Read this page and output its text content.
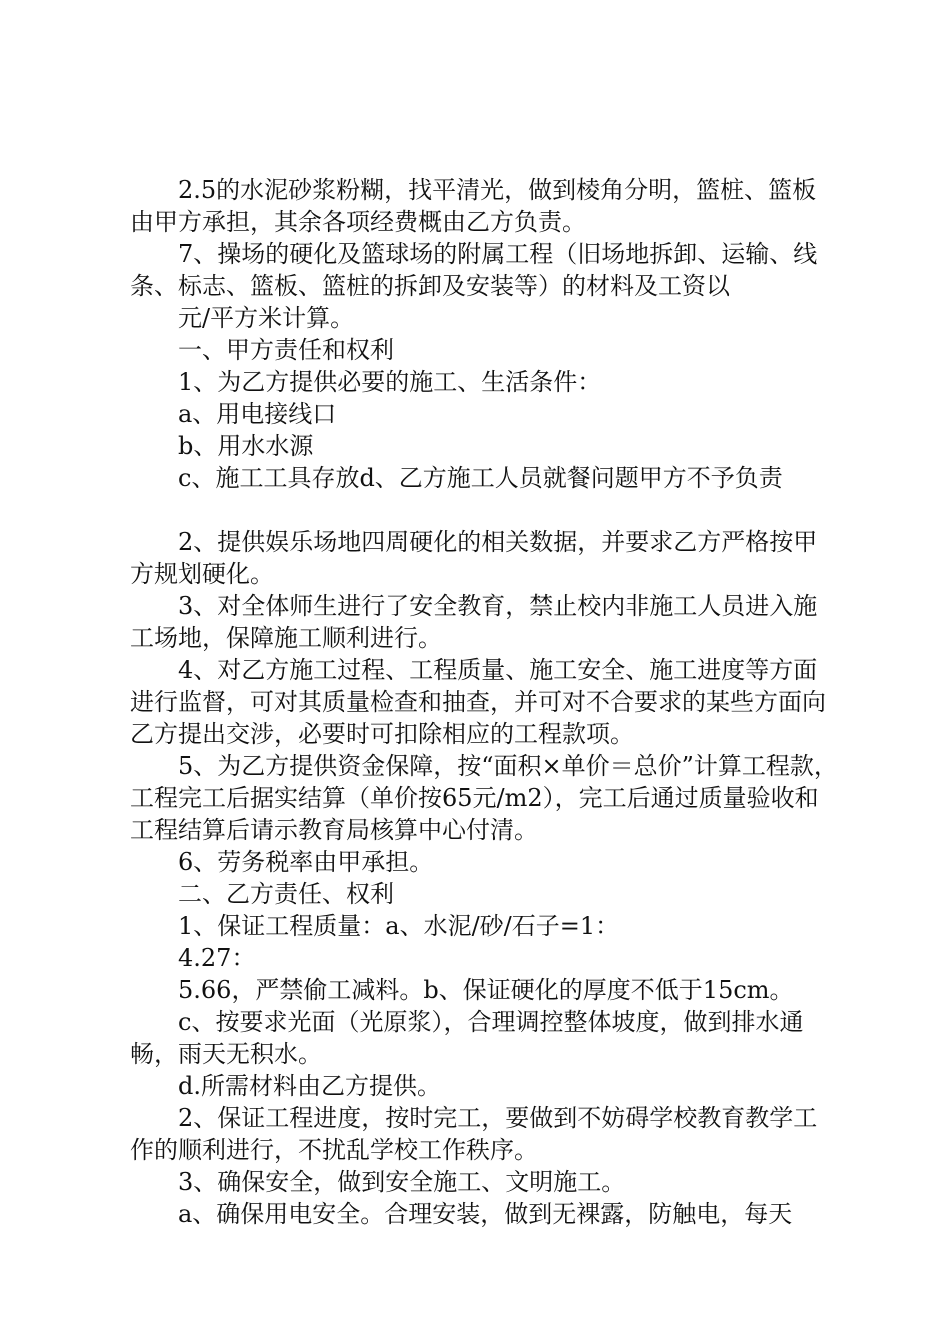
2.5的水泥砂浆粉糊，找平清光，做到棱角分明，篮桩、篮板由甲方承担，其余各项经费概由乙方负责。

7、操场的硬化及篮球场的附属工程（旧场地拆卸、运输、线条、标志、篮板、篮桩的拆卸及安装等）的材料及工资以

元/平方米计算。

一、甲方责任和权利

1、为乙方提供必要的施工、生活条件：

a、用电接线口

b、用水水源

c、施工工具存放d、乙方施工人员就餐问题甲方不予负责

2、提供娱乐场地四周硬化的相关数据，并要求乙方严格按甲方规划硬化。

3、对全体师生进行了安全教育，禁止校内非施工人员进入施工场地，保障施工顺利进行。

4、对乙方施工过程、工程质量、施工安全、施工进度等方面进行监督，可对其质量检查和抽查，并可对不合要求的某些方面向乙方提出交涉，必要时可扣除相应的工程款项。

5、为乙方提供资金保障，按“面积×单价＝总价”计算工程款，工程完工后据实结算（单价按65元/m2），完工后通过质量验收和工程结算后请示教育局核算中心付清。

6、劳务税率由甲承担。

二、乙方责任、权利

1、保证工程质量：a、水泥/砂/石子=1：

4.27：

5.66，严禁偷工减料。b、保证硬化的厚度不低于15cm。

c、按要求光面（光原浆），合理调控整体坡度，做到排水通畅，雨天无积水。

d.所需材料由乙方提供。

2、保证工程进度，按时完工，要做到不妨碍学校教育教学工作的顺利进行，不扰乱学校工作秩序。

3、确保安全，做到安全施工、文明施工。

a、确保用电安全。合理安装，做到无裸露，防触电，每天
